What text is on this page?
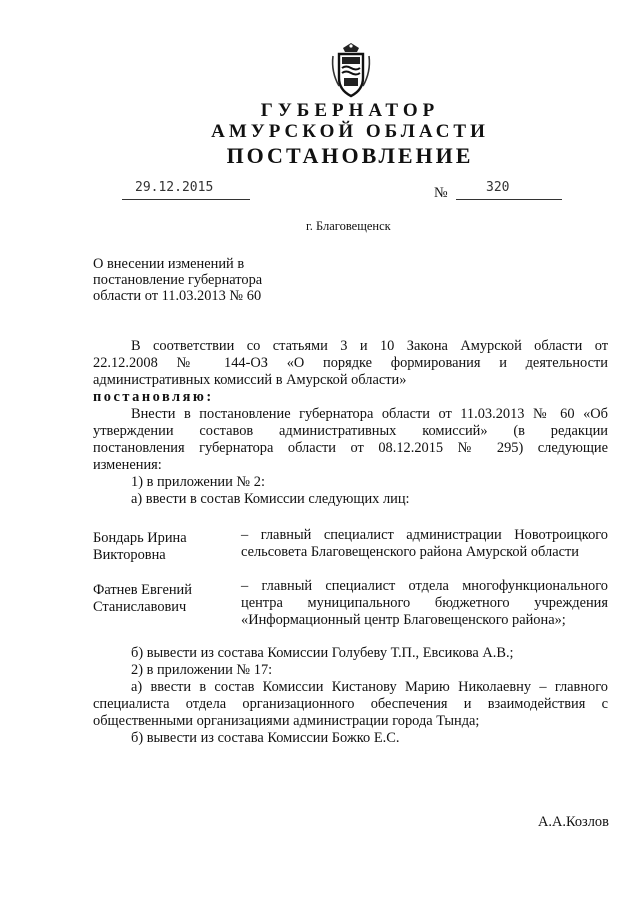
ГУБЕРНАТОР
АМУРСКОЙ ОБЛАСТИ
ПОСТАНОВЛЕНИЕ
29.12.2015	№	320
г. Благовещенск
О внесении изменений в
постановление губернатора
области от 11.03.2013 № 60
В соответствии со статьями 3 и 10 Закона Амурской области от
22.12.2008 № 144-ОЗ «О порядке формирования и деятельности
административных комиссий в Амурской области»
постановляю:
Внести в постановление губернатора области от 11.03.2013 № 60 «Об
утверждении составов административных комиссий» (в редакции
постановления губернатора области от 08.12.2015 № 295) следующие
изменения:
1) в приложении № 2:
а) ввести в состав Комиссии следующих лиц:
Бондарь Ирина
Викторовна
– главный специалист администрации Новотроицкого
сельсовета Благовещенского района Амурской области
Фатнев Евгений
Станиславович
– главный специалист отдела многофункционального
центра муниципального бюджетного учреждения
«Информационный центр Благовещенского района»;
б) вывести из состава Комиссии Голубеву Т.П., Евсикова А.В.;
2) в приложении № 17:
а) ввести в состав Комиссии Кистанову Марию Николаевну – главного
специалиста отдела организационного обеспечения и взаимодействия с
общественными организациями администрации города Тында;
б) вывести из состава Комиссии Божко Е.С.
А.А.Козлов
